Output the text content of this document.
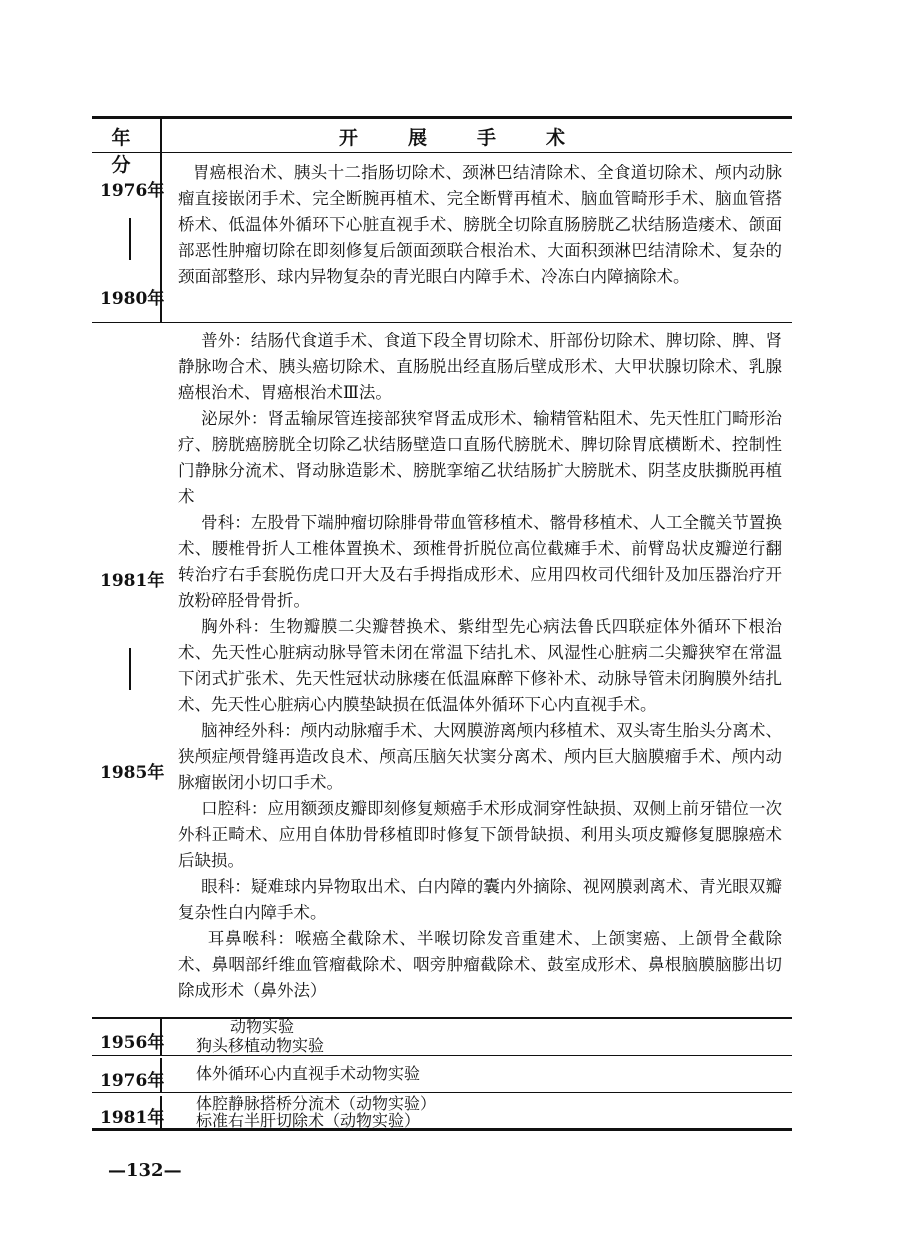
年分
开展手术
1976年
1980年

胃癌根治术、胰头十二指肠切除术、颈淋巴结清除术、全食道切除术、颅内动脉瘤直接嵌闭手术、完全断腕再植术、完全断臂再植术、脑血管畸形手术、脑血管搭桥术、低温体外循环下心脏直视手术、膀胱全切除直肠膀胱乙状结肠造瘘术、颌面部恶性肿瘤切除在即刻修复后颌面颈联合根治术、大面积颈淋巴结清除术、复杂的颈面部整形、球内异物复杂的青光眼白内障手术、冷冻白内障摘除术。

1981年
1985年

普外：结肠代食道手术、食道下段全胃切除术、肝部份切除术、脾切除、脾、肾静脉吻合术、胰头癌切除术、直肠脱出经直肠后壁成形术、大甲状腺切除术、乳腺癌根治术、胃癌根治术Ⅲ法。

泌尿外：肾盂输尿管连接部狭窄肾盂成形术、输精管粘阻术、先天性肛门畸形治疗、膀胱癌膀胱全切除乙状结肠壁造口直肠代膀胱术、脾切除胃底横断术、控制性门静脉分流术、肾动脉造影术、膀胱挛缩乙状结肠扩大膀胱术、阴茎皮肤撕脱再植术

骨科：左股骨下端肿瘤切除腓骨带血管移植术、髂骨移植术、人工全髋关节置换术、腰椎骨折人工椎体置换术、颈椎骨折脱位高位截瘫手术、前臂岛状皮瓣逆行翻转治疗右手套脱伤虎口开大及右手拇指成形术、应用四枚司代细针及加压器治疗开放粉碎胫骨骨折。

胸外科：生物瓣膜二尖瓣替换术、紫绀型先心病法鲁氏四联症体外循环下根治术、先天性心脏病动脉导管未闭在常温下结扎术、风湿性心脏病二尖瓣狭窄在常温下闭式扩张术、先天性冠状动脉瘘在低温麻醉下修补术、动脉导管未闭胸膜外结扎术、先天性心脏病心内膜垫缺损在低温体外循环下心内直视手术。

脑神经外科：颅内动脉瘤手术、大网膜游离颅内移植术、双头寄生胎头分离术、狭颅症颅骨缝再造改良术、颅高压脑矢状窦分离术、颅内巨大脑膜瘤手术、颅内动脉瘤嵌闭小切口手术。

口腔科：应用额颈皮瓣即刻修复颊癌手术形成洞穿性缺损、双侧上前牙错位一次外科正畸术、应用自体肋骨移植即时修复下颌骨缺损、利用头项皮瓣修复腮腺癌术后缺损。

眼科：疑难球内异物取出术、白内障的囊内外摘除、视网膜剥离术、青光眼双瓣复杂性白内障手术。

耳鼻喉科：喉癌全截除术、半喉切除发音重建术、上颌窦癌、上颌骨全截除术、鼻咽部纤维血管瘤截除术、咽旁肿瘤截除术、鼓室成形术、鼻根脑膜脑膨出切除成形术（鼻外法）

1956年
动物实验
狗头移植动物实验
1976年 体外循环心内直视手术动物实验
1981年
体腔静脉搭桥分流术（动物实验）
标准右半肝切除术（动物实验）
—132—
